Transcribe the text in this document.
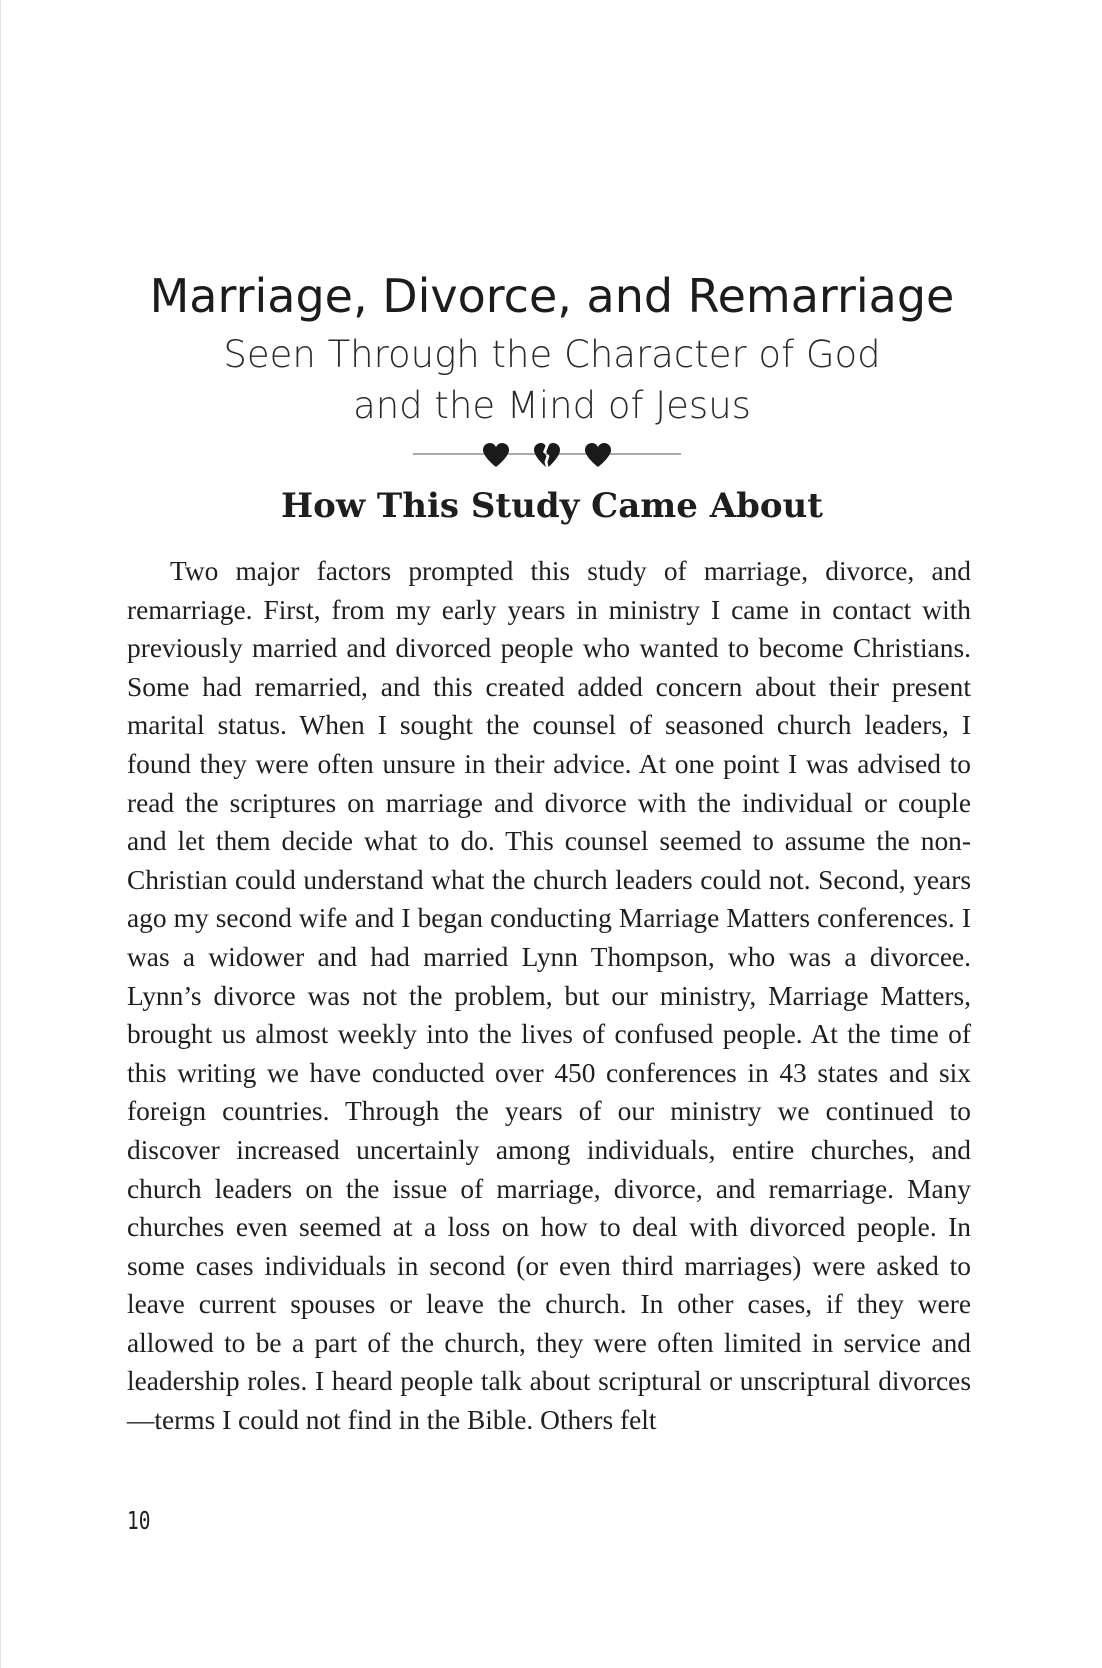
Marriage, Divorce, and Remarriage
Seen Through the Character of God
and the Mind of Jesus
How This Study Came About

Two major factors prompted this study of marriage, divorce, and remarriage. First, from my early years in ministry I came in contact with previously married and divorced people who wanted to become Christians. Some had remarried, and this created added concern about their present marital status. When I sought the counsel of seasoned church leaders, I found they were often unsure in their advice. At one point I was advised to read the scriptures on marriage and divorce with the individual or couple and let them decide what to do. This counsel seemed to assume the non-Christian could understand what the church leaders could not. Second, years ago my second wife and I began conducting Marriage Matters conferences. I was a widower and had married Lynn Thompson, who was a divorcee. Lynn’s divorce was not the problem, but our ministry, Marriage Matters, brought us almost weekly into the lives of confused people. At the time of this writing we have conducted over 450 conferences in 43 states and six foreign countries. Through the years of our ministry we continued to discover increased uncertainly among individuals, entire churches, and church leaders on the issue of marriage, divorce, and remarriage. Many churches even seemed at a loss on how to deal with divorced people. In some cases individuals in second (or even third marriages) were asked to leave current spouses or leave the church. In other cases, if they were allowed to be a part of the church, they were often limited in service and leadership roles. I heard people talk about scriptural or unscriptural divorces—terms I could not find in the Bible. Others felt

10
